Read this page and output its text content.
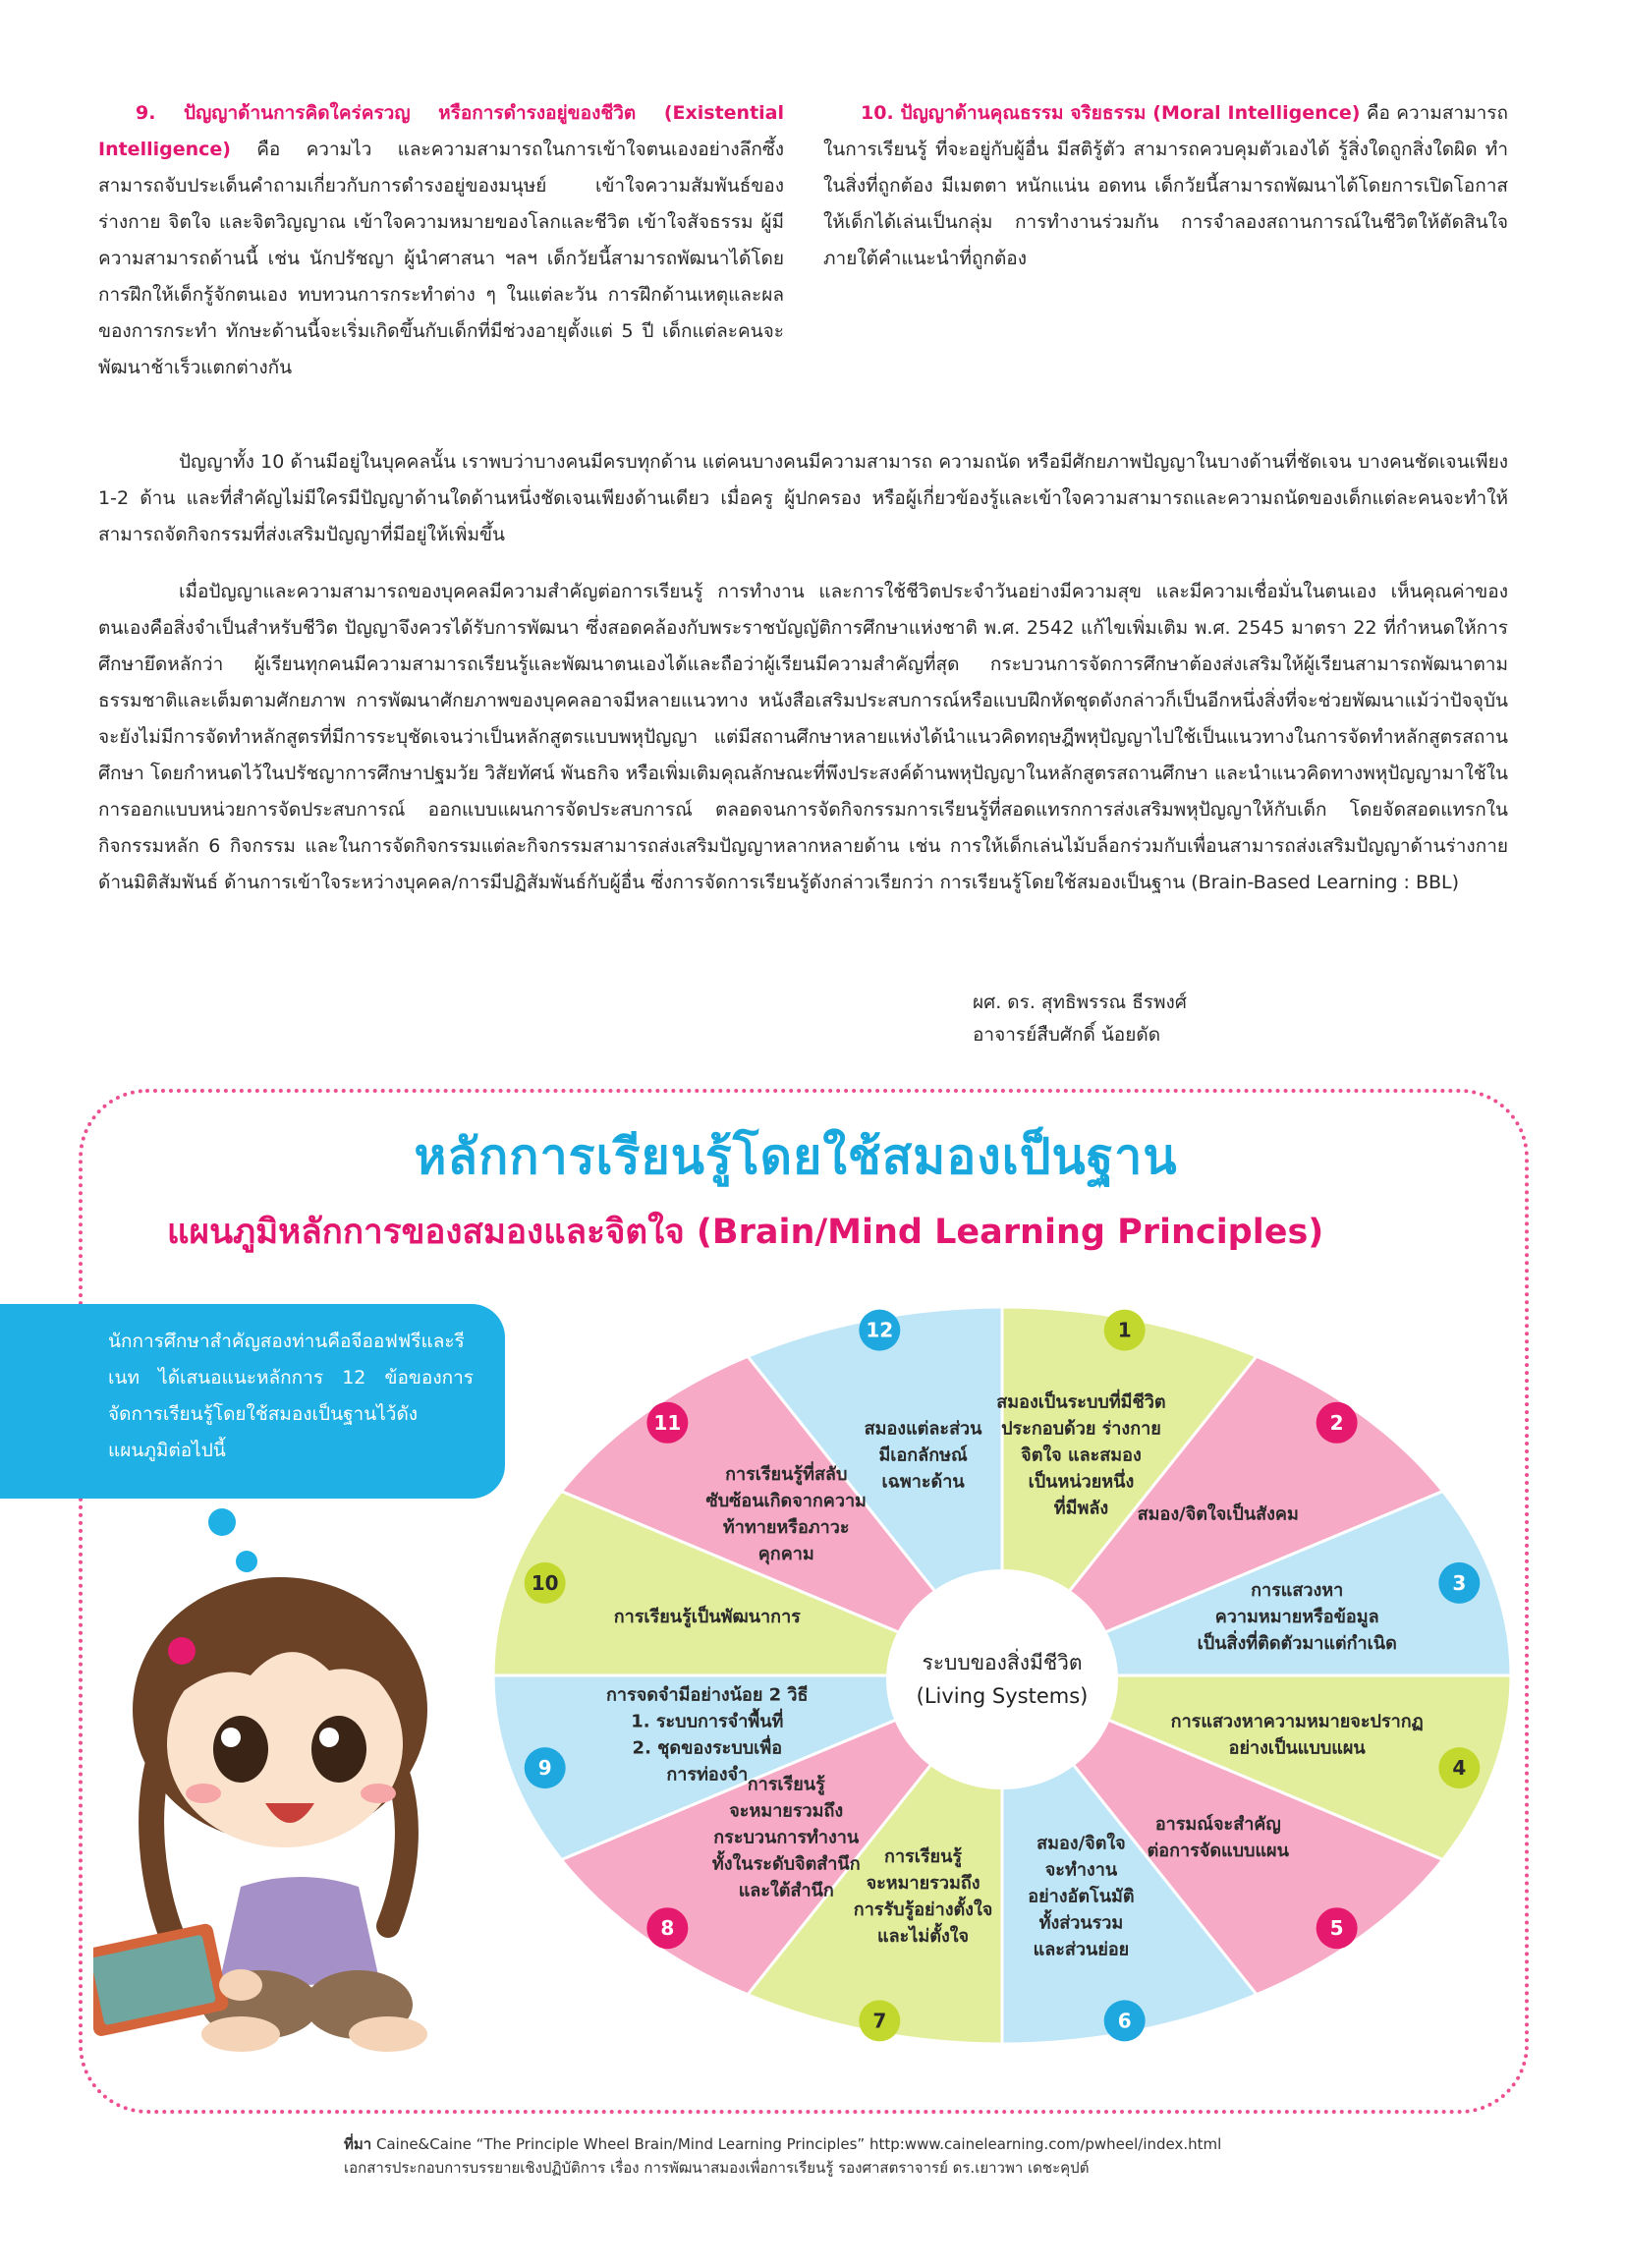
9. ปัญญาด้านการคิดใคร่ครวญ หรือการดำรงอยู่ของชีวิต (Existential Intelligence) คือ ความไว และความสามารถในการเข้าใจตนเองอย่างลึกซึ้ง สามารถจับประเด็นคำถามเกี่ยวกับการดำรงอยู่ของมนุษย์ เข้าใจความสัมพันธ์ของร่างกาย จิตใจ และจิตวิญญาณ เข้าใจความหมายของโลกและชีวิต เข้าใจสัจธรรม ผู้มีความสามารถด้านนี้ เช่น นักปรัชญา ผู้นำศาสนา ฯลฯ เด็กวัยนี้สามารถพัฒนาได้โดยการฝึกให้เด็กรู้จักตนเอง ทบทวนการกระทำต่าง ๆ ในแต่ละวัน การฝึกด้านเหตุและผลของการกระทำ ทักษะด้านนี้จะเริ่มเกิดขึ้นกับเด็กที่มีช่วงอายุตั้งแต่ 5 ปี เด็กแต่ละคนจะพัฒนาช้าเร็วแตกต่างกัน
10. ปัญญาด้านคุณธรรม จริยธรรม (Moral Intelligence) คือ ความสามารถในการเรียนรู้ ที่จะอยู่กับผู้อื่น มีสติรู้ตัว สามารถควบคุมตัวเองได้ รู้สิ่งใดถูกสิ่งใดผิด ทำในสิ่งที่ถูกต้อง มีเมตตา หนักแน่น อดทน เด็กวัยนี้สามารถพัฒนาได้โดยการเปิดโอกาสให้เด็กได้เล่นเป็นกลุ่ม การทำงานร่วมกัน การจำลองสถานการณ์ในชีวิตให้ตัดสินใจภายใต้คำแนะนำที่ถูกต้อง
ปัญญาทั้ง 10 ด้านมีอยู่ในบุคคลนั้น เราพบว่าบางคนมีครบทุกด้าน แต่คนบางคนมีความสามารถ ความถนัด หรือมีศักยภาพปัญญาในบางด้านที่ชัดเจน บางคนชัดเจนเพียง 1-2 ด้าน และที่สำคัญไม่มีใครมีปัญญาด้านใดด้านหนึ่งชัดเจนเพียงด้านเดียว เมื่อครู ผู้ปกครอง หรือผู้เกี่ยวข้องรู้และเข้าใจความสามารถและความถนัดของเด็กแต่ละคนจะทำให้สามารถจัดกิจกรรมที่ส่งเสริมปัญญาที่มีอยู่ให้เพิ่มขึ้น
เมื่อปัญญาและความสามารถของบุคคลมีความสำคัญต่อการเรียนรู้ การทำงาน และการใช้ชีวิตประจำวันอย่างมีความสุข และมีความเชื่อมั่นในตนเอง เห็นคุณค่าของตนเองคือสิ่งจำเป็นสำหรับชีวิต ปัญญาจึงควรได้รับการพัฒนา ซึ่งสอดคล้องกับพระราชบัญญัติการศึกษาแห่งชาติ พ.ศ. 2542 แก้ไขเพิ่มเติม พ.ศ. 2545 มาตรา 22 ที่กำหนดให้การศึกษายึดหลักว่า ผู้เรียนทุกคนมีความสามารถเรียนรู้และพัฒนาตนเองได้และถือว่าผู้เรียนมีความสำคัญที่สุด กระบวนการจัดการศึกษาต้องส่งเสริมให้ผู้เรียนสามารถพัฒนาตามธรรมชาติและเต็มตามศักยภาพ การพัฒนาศักยภาพของบุคคลอาจมีหลายแนวทาง หนังสือเสริมประสบการณ์หรือแบบฝึกหัดชุดดังกล่าวก็เป็นอีกหนึ่งสิ่งที่จะช่วยพัฒนาแม้ว่าปัจจุบันจะยังไม่มีการจัดทำหลักสูตรที่มีการระบุชัดเจนว่าเป็นหลักสูตรแบบพหุปัญญา แต่มีสถานศึกษาหลายแห่งได้นำแนวคิดทฤษฎีพหุปัญญาไปใช้เป็นแนวทางในการจัดทำหลักสูตรสถานศึกษา โดยกำหนดไว้ในปรัชญาการศึกษาปฐมวัย วิสัยทัศน์ พันธกิจ หรือเพิ่มเติมคุณลักษณะที่พึงประสงค์ด้านพหุปัญญาในหลักสูตรสถานศึกษา และนำแนวคิดทางพหุปัญญามาใช้ในการออกแบบหน่วยการจัดประสบการณ์ ออกแบบแผนการจัดประสบการณ์ ตลอดจนการจัดกิจกรรมการเรียนรู้ที่สอดแทรกการส่งเสริมพหุปัญญาให้กับเด็ก โดยจัดสอดแทรกในกิจกรรมหลัก 6 กิจกรรม และในการจัดกิจกรรมแต่ละกิจกรรมสามารถส่งเสริมปัญญาหลากหลายด้าน เช่น การให้เด็กเล่นไม้บล็อกร่วมกับเพื่อนสามารถส่งเสริมปัญญาด้านร่างกาย ด้านมิติสัมพันธ์ ด้านการเข้าใจระหว่างบุคคล/การมีปฏิสัมพันธ์กับผู้อื่น ซึ่งการจัดการเรียนรู้ดังกล่าวเรียกว่า การเรียนรู้โดยใช้สมองเป็นฐาน (Brain-Based Learning : BBL)
ผศ. ดร. สุทธิพรรณ ธีรพงศ์
อาจารย์สืบศักดิ์ น้อยดัด
หลักการเรียนรู้โดยใช้สมองเป็นฐาน
แผนภูมิหลักการของสมองและจิตใจ (Brain/Mind Learning Principles)
นักการศึกษาสำคัญสองท่านคือจีออฟฟรีและรีเนท ได้เสนอแนะหลักการ 12 ข้อของการจัดการเรียนรู้โดยใช้สมองเป็นฐานไว้ดังแผนภูมิต่อไปนี้
ระบบของสิ่งมีชีวิต
(Living Systems)
สมองเป็นระบบที่มีชีวิตประกอบด้วย ร่างกายจิตใจ และสมองเป็นหน่วยหนึ่งที่มีพลัง
1
สมอง/จิตใจเป็นสังคม
2
การแสวงหาความหมายหรือข้อมูลเป็นสิ่งที่ติดตัวมาแต่กำเนิด
3
การแสวงหาความหมายจะปรากฏอย่างเป็นแบบแผน
4
อารมณ์จะสำคัญต่อการจัดแบบแผน
5
สมอง/จิตใจจะทำงานอย่างอัตโนมัติทั้งส่วนรวมและส่วนย่อย
6
การเรียนรู้จะหมายรวมถึงการรับรู้อย่างตั้งใจและไม่ตั้งใจ
7
การเรียนรู้จะหมายรวมถึงกระบวนการทำงานทั้งในระดับจิตสำนึกและใต้สำนึก
8
การจดจำมีอย่างน้อย 2 วิธี 1. ระบบการจำพื้นที่ 2. ชุดของระบบเพื่อการท่องจำ
9
การเรียนรู้เป็นพัฒนาการ
10
การเรียนรู้ที่สลับซับซ้อนเกิดจากความท้าทายหรือภาวะคุกคาม
11	สมองแต่ละส่วนมีเอกลักษณ์เฉพาะด้าน
12
ที่มา Caine&Caine “The Principle Wheel Brain/Mind Learning Principles” http:www.cainelearning.com/pwheel/index.html
เอกสารประกอบการบรรยายเชิงปฏิบัติการ เรื่อง การพัฒนาสมองเพื่อการเรียนรู้ รองศาสตราจารย์ ดร.เยาวพา เดชะคุปต์
